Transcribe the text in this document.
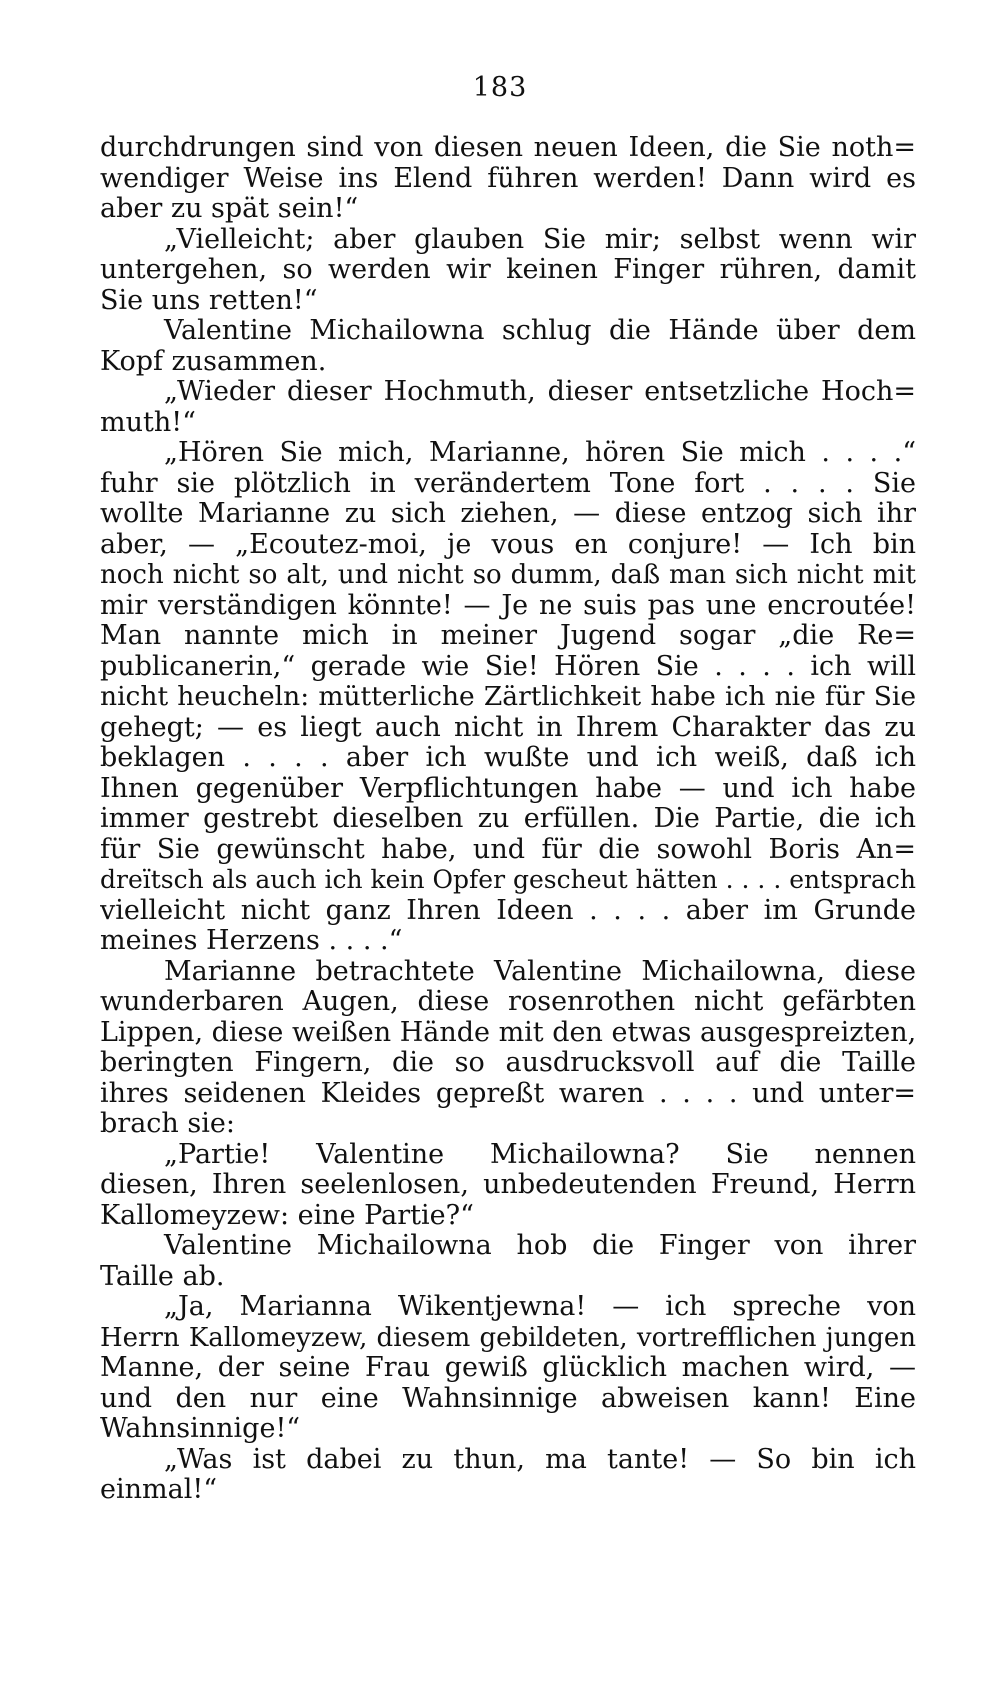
183
durchdrungen sind von diesen neuen Ideen, die Sie noth=
wendiger Weise ins Elend führen werden! Dann wird es
aber zu spät sein!“
„Vielleicht; aber glauben Sie mir; selbst wenn wir
untergehen, so werden wir keinen Finger rühren, damit
Sie uns retten!“
Valentine Michailowna schlug die Hände über dem
Kopf zusammen.
„Wieder dieser Hochmuth, dieser entsetzliche Hoch=
muth!“
„Hören Sie mich, Marianne, hören Sie mich . . . .“
fuhr sie plötzlich in verändertem Tone fort . . . . Sie
wollte Marianne zu sich ziehen, — diese entzog sich ihr
aber, — „Ecoutez-moi, je vous en conjure! — Ich bin
noch nicht so alt, und nicht so dumm, daß man sich nicht mit
mir verständigen könnte! — Je ne suis pas une encroutée!
Man nannte mich in meiner Jugend sogar „die Re=
publicanerin,“ gerade wie Sie! Hören Sie . . . . ich will
nicht heucheln: mütterliche Zärtlichkeit habe ich nie für Sie
gehegt; — es liegt auch nicht in Ihrem Charakter das zu
beklagen . . . . aber ich wußte und ich weiß, daß ich
Ihnen gegenüber Verpflichtungen habe — und ich habe
immer gestrebt dieselben zu erfüllen. Die Partie, die ich
für Sie gewünscht habe, und für die sowohl Boris An=
dreïtsch als auch ich kein Opfer gescheut hätten . . . . entsprach
vielleicht nicht ganz Ihren Ideen . . . . aber im Grunde
meines Herzens . . . .“
Marianne betrachtete Valentine Michailowna, diese
wunderbaren Augen, diese rosenrothen nicht gefärbten
Lippen, diese weißen Hände mit den etwas ausgespreizten,
beringten Fingern, die so ausdrucksvoll auf die Taille
ihres seidenen Kleides gepreßt waren . . . . und unter=
brach sie:
„Partie! Valentine Michailowna? Sie nennen
diesen, Ihren seelenlosen, unbedeutenden Freund, Herrn
Kallomeyzew: eine Partie?“
Valentine Michailowna hob die Finger von ihrer
Taille ab.
„Ja, Marianna Wikentjewna! — ich spreche von
Herrn Kallomeyzew, diesem gebildeten, vortrefflichen jungen
Manne, der seine Frau gewiß glücklich machen wird, —
und den nur eine Wahnsinnige abweisen kann! Eine
Wahnsinnige!“
„Was ist dabei zu thun, ma tante! — So bin ich
einmal!“
